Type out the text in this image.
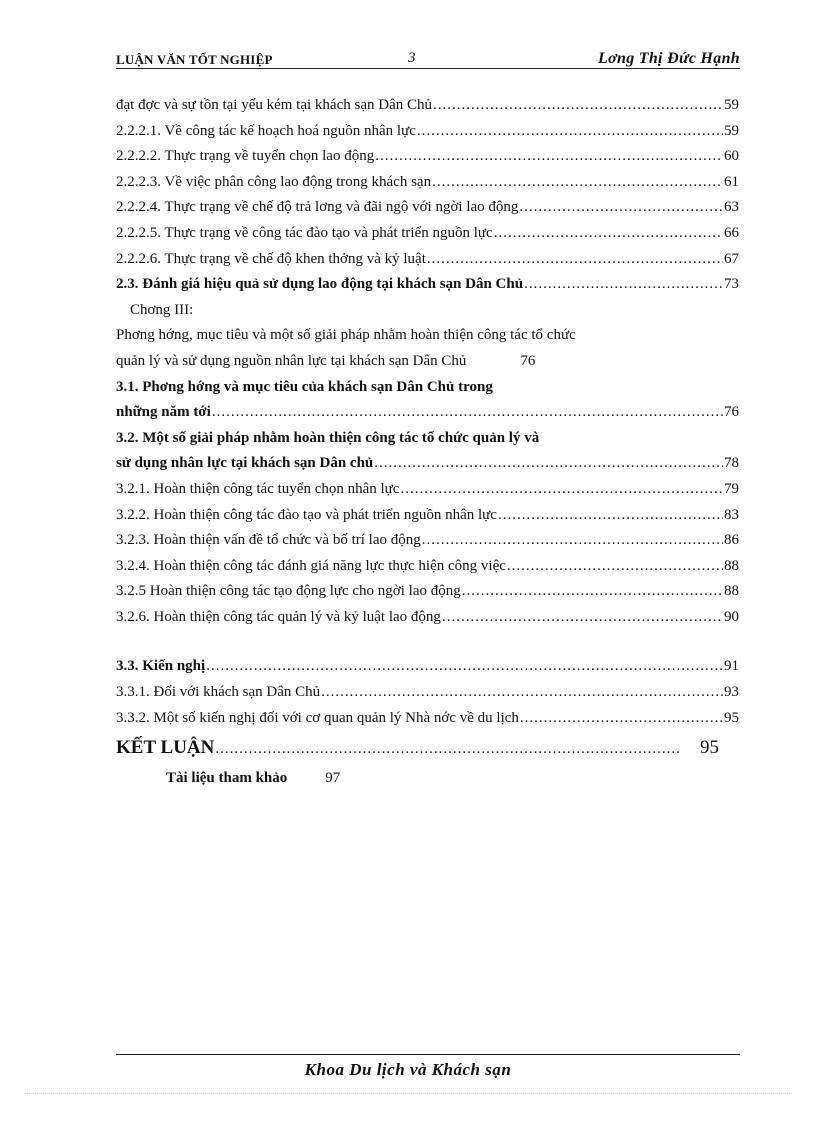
LUẬN VĂN TỐT NGHIỆP	3	Lơng Thị Đức Hạnh
đạt đợc và sự tồn tại yếu kém tại khách sạn Dân Chủ .....	59
2.2.2.1. Về công tác kế hoạch hoá nguồn nhân lực .....	59
2.2.2.2. Thực trạng về tuyển chọn lao động .....	60
2.2.2.3. Về việc phân công lao động trong khách sạn .....	61
2.2.2.4. Thực trạng về chế độ trả lơng và đãi ngộ với ngời lao động .....	63
2.2.2.5. Thực trạng về công tác đào tạo và phát triển nguồn lực .....	66
2.2.2.6. Thực trạng về chế độ khen thởng và kỷ luật .....	67
2.3. Đánh giá hiệu quả sử dụng lao động tại khách sạn Dân Chủ .....	73
Chơng III:
Phơng hớng, mục tiêu và một số giải pháp nhằm hoàn thiện công tác tổ chức
quản lý và sử dụng nguồn nhân lực tại khách sạn Dân Chủ	76
3.1. Phơng hớng và mục tiêu của khách sạn Dân Chủ trong
những năm tới .....	76
3.2. Một số giải pháp nhằm hoàn thiện công tác tổ chức quản lý và
sử dụng nhân lực tại khách sạn Dân chủ .....	78
3.2.1. Hoàn thiện công tác tuyển chọn nhân lực .....	79
3.2.2. Hoàn thiện công tác đào tạo và phát triển nguồn nhân lực .....	83
3.2.3. Hoàn thiện vấn đề tổ chức và bố trí lao động .....	86
3.2.4. Hoàn thiện công tác đánh giá năng lực thực hiện công việc .....	88
3.2.5 Hoàn thiện công tác tạo động lực cho ngời lao động .....	88
3.2.6. Hoàn thiện công tác quản lý và kỷ luật lao động .....	90
3.3. Kiến nghị .....	91
3.3.1. Đối với khách sạn Dân Chủ .....	93
3.3.2. Một số kiến nghị đối với cơ quan quản lý Nhà nớc về du lịch .....	95
KẾT LUẬN .....	95
Tài liệu tham khảo	97
Khoa Du lịch và Khách sạn
